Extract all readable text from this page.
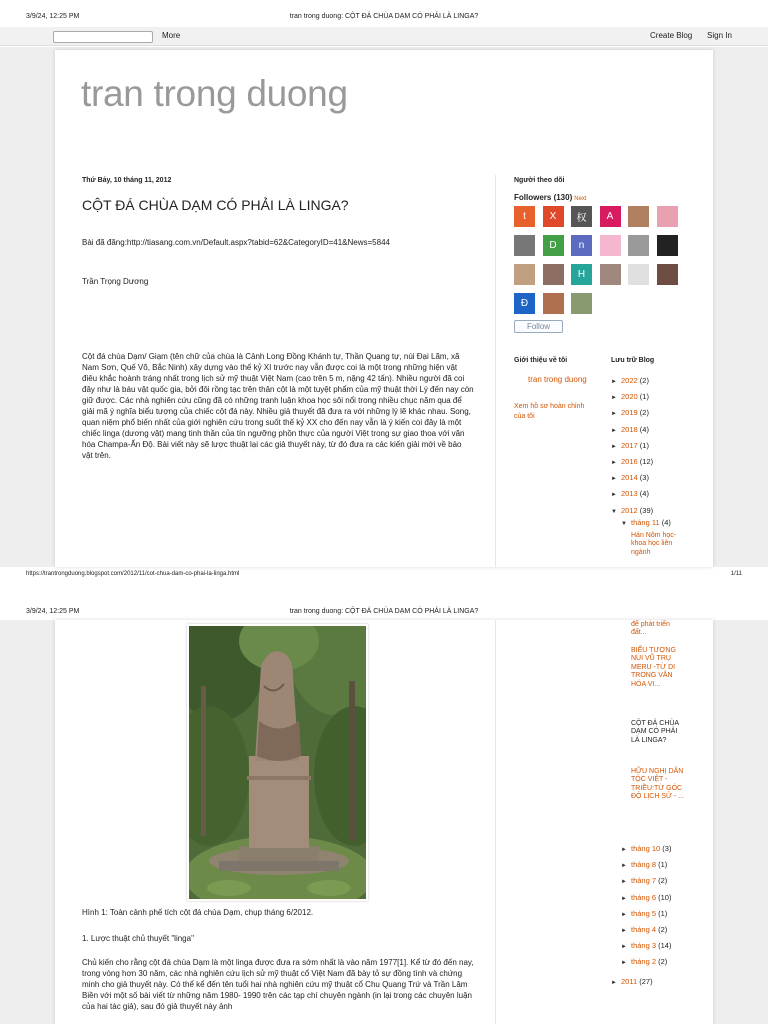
3/9/24, 12:25 PM	tran trong duong: CỘT ĐÁ CHÙA DẠM CÓ PHẢI LÀ LINGA?
More	Create Blog Sign In
tran trong duong
Thứ Bảy, 10 tháng 11, 2012
CỘT ĐÁ CHÙA DẠM CÓ PHẢI LÀ LINGA?
Bài đã đăng:http://tiasang.com.vn/Default.aspx?tabid=62&CategoryID=41&News=5844
Trần Trọng Dương
Cột đá chùa Dạm/ Giạm (tên chữ của chùa là Cảnh Long Đồng Khánh tự, Thần Quang tự, núi Đại Lãm, xã Nam Sơn, Quế Võ, Bắc Ninh) xây dựng vào thế kỷ XI trước nay vẫn được coi là một trong những hiện vật điêu khắc hoành tráng nhất trong lịch sử mỹ thuật Việt Nam (cao trên 5 m, nặng 42 tấn). Nhiều người đã coi đây như là báu vật quốc gia, bởi đôi rồng tạc trên thân cột là một tuyệt phẩm của mỹ thuật thời Lý đến nay còn giữ được. Các nhà nghiên cứu cũng đã có những tranh luận khoa học sôi nổi trong nhiều chục năm qua để giải mã ý nghĩa biểu tượng của chiếc cột đá này. Nhiều giả thuyết đã đưa ra với những lý lẽ khác nhau. Song, quan niệm phổ biến nhất của giới nghiên cứu trong suốt thế kỷ XX cho đến nay vẫn là ý kiến coi đây là một chiếc linga (dương vật) mang tinh thần của tín ngưỡng phồn thực của người Việt trong sự giao thoa với văn hóa Champa-Ấn Độ. Bài viết này sẽ lược thuật lại các giả thuyết này, từ đó đưa ra các kiến giải mới về bảo vật trên.
Người theo dõi
Followers (130) Next
t X 权 A
D n
H
Đ
Follow
Giới thiệu về tôi
tran trong duong
Xem hồ sơ hoàn chỉnh của tôi
Lưu trữ Blog
► 2022 (2)
► 2020 (1)
► 2019 (2)
► 2018 (4)
► 2017 (1)
► 2016 (12)
► 2014 (3)
► 2013 (4)
▼ 2012 (39)
▼ tháng 11 (4)
Hán Nôm học- khoa học liên ngành
https://trantrongduong.blogspot.com/2012/11/cot-chua-dam-co-phai-la-linga.html	1/11
3/9/24, 12:25 PM	tran trong duong: CỘT ĐÁ CHÙA DẠM CÓ PHẢI LÀ LINGA?
Hình 1: Toàn cảnh phế tích cột đá chùa Dạm, chụp tháng 6/2012.
1. Lược thuật chủ thuyết "linga"
Chủ kiến cho rằng cột đá chùa Dạm là một linga được đưa ra sớm nhất là vào năm 1977[1]. Kể từ đó đến nay, trong vòng hơn 30 năm, các nhà nghiên cứu lịch sử mỹ thuật cổ Việt Nam đã bày tỏ sự đồng tình và chứng minh cho giả thuyết này. Có thể kể đến tên tuổi hai nhà nghiên cứu mỹ thuật cổ Chu Quang Trứ và Trần Lâm Biền với một số bài viết từ những năm 1980- 1990 trên các tạp chí chuyên ngành (in lại trong các chuyên luận của hai tác giả), sau đó giả thuyết này ảnh
để phát triển đất...
BIỂU TƯỢNG NÚI VŨ TRỤ MERU -TỪ DI TRONG VĂN HÓA VI...
CỘT ĐÁ CHÙA DẠM CÓ PHẢI LÀ LINGA?
HỮU NGHỊ DÂN TỘC VIỆT - TRIỀU:TỪ GÓC ĐỘ LỊCH SỬ - ...
► tháng 10 (3)
► tháng 8 (1)
► tháng 7 (2)
► tháng 6 (10)
► tháng 5 (1)
► tháng 4 (2)
► tháng 3 (14)
► tháng 2 (2)
► 2011 (27)
